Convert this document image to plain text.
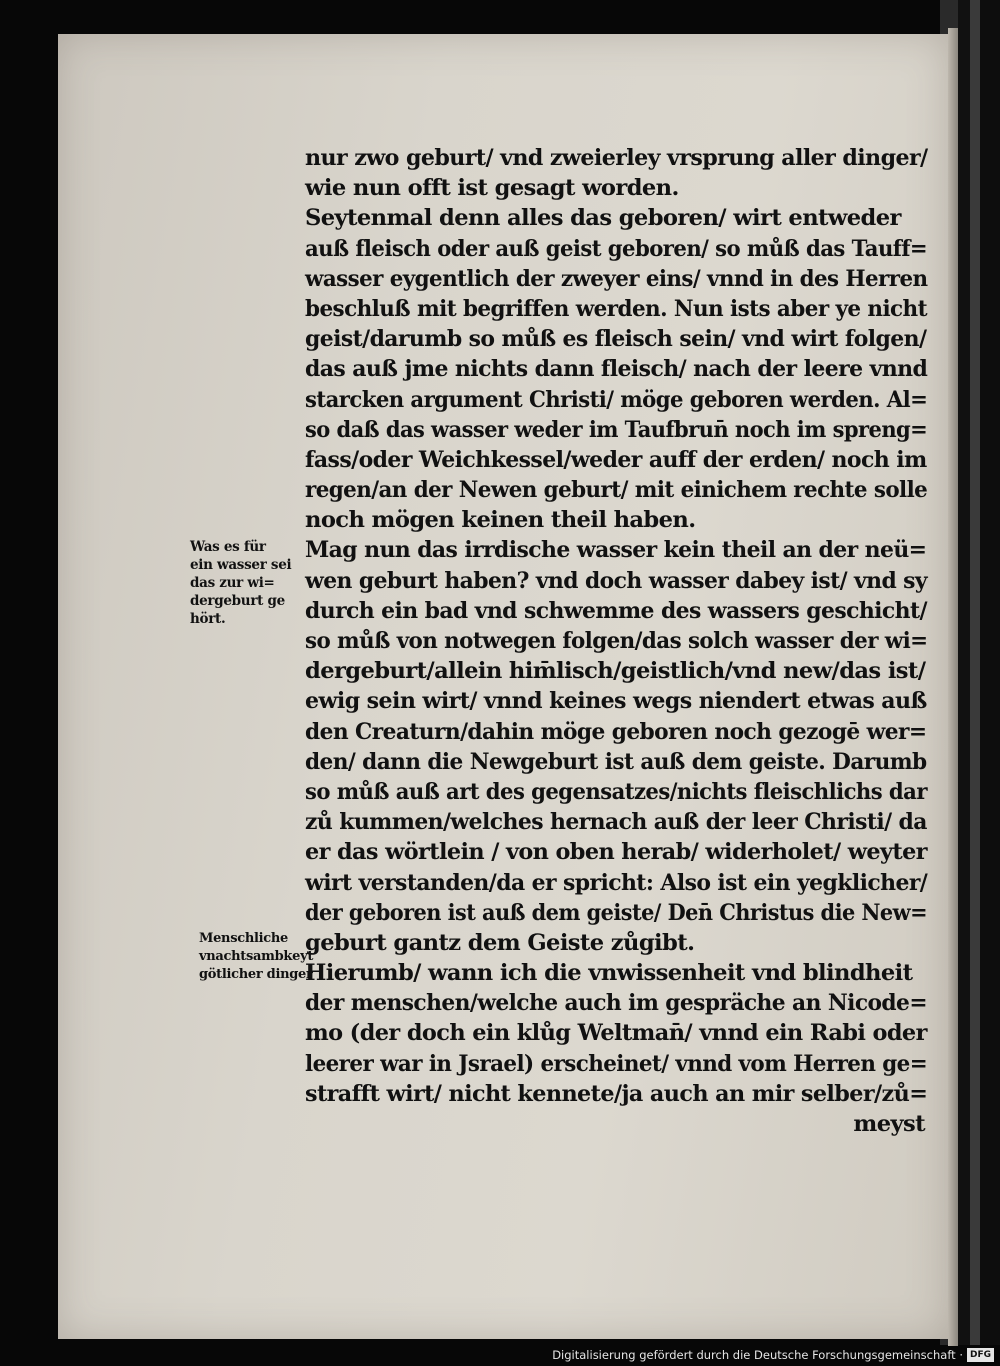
nur zwo geburt/ vnd zweierley vrsprung aller dinger/
wie nun offt ist gesagt worden.
Seytenmal denn alles das geboren/ wirt entweder
auß fleisch oder auß geist geboren/ so můß das Tauff=
wasser eygentlich der zweyer eins/ vnnd in des Herren
beschluß mit begriffen werden. Nun ists aber ye nicht
geist/darumb so můß es fleisch sein/ vnd wirt folgen/
das auß jme nichts dann fleisch/ nach der leere vnnd
starcken argument Christi/ möge geboren werden. Al=
so daß das wasser weder im Taufbrun̄ noch im spreng=
fass/oder Weichkessel/weder auff der erden/ noch im
regen/an der Newen geburt/ mit einichem rechte solle
noch mögen keinen theil haben.
Mag nun das irrdische wasser kein theil an der neü=
wen geburt haben? vnd doch wasser dabey ist/ vnd sy
durch ein bad vnd schwemme des wassers geschicht/
so můß von notwegen folgen/das solch wasser der wi=
dergeburt/allein him̄lisch/geistlich/vnd new/das ist/
ewig sein wirt/ vnnd keines wegs niendert etwas auß
den Creaturn/dahin möge geboren noch gezogē wer=
den/ dann die Newgeburt ist auß dem geiste. Darumb
so můß auß art des gegensatzes/nichts fleischlichs dar
zů kummen/welches hernach auß der leer Christi/ da
er das wörtlein / von oben herab/ widerholet/ weyter
wirt verstanden/da er spricht: Also ist ein yegklicher/
der geboren ist auß dem geiste/ Den̄ Christus die New=
geburt gantz dem Geiste zůgibt.
Hierumb/ wann ich die vnwissenheit vnd blindheit
der menschen/welche auch im gespräche an Nicode=
mo (der doch ein klůg Weltman̄/ vnnd ein Rabi oder
leerer war in Jsrael) erscheinet/ vnnd vom Herren ge=
strafft wirt/ nicht kennete/ja auch an mir selber/zů=
meyst
Was es für
ein wasser sei
das zur wi=
dergeburt ge
hört.
Menschliche
vnachtsambkeyt
götlicher dinger
Digitalisierung gefördert durch die Deutsche Forschungsgemeinschaft · DFG
